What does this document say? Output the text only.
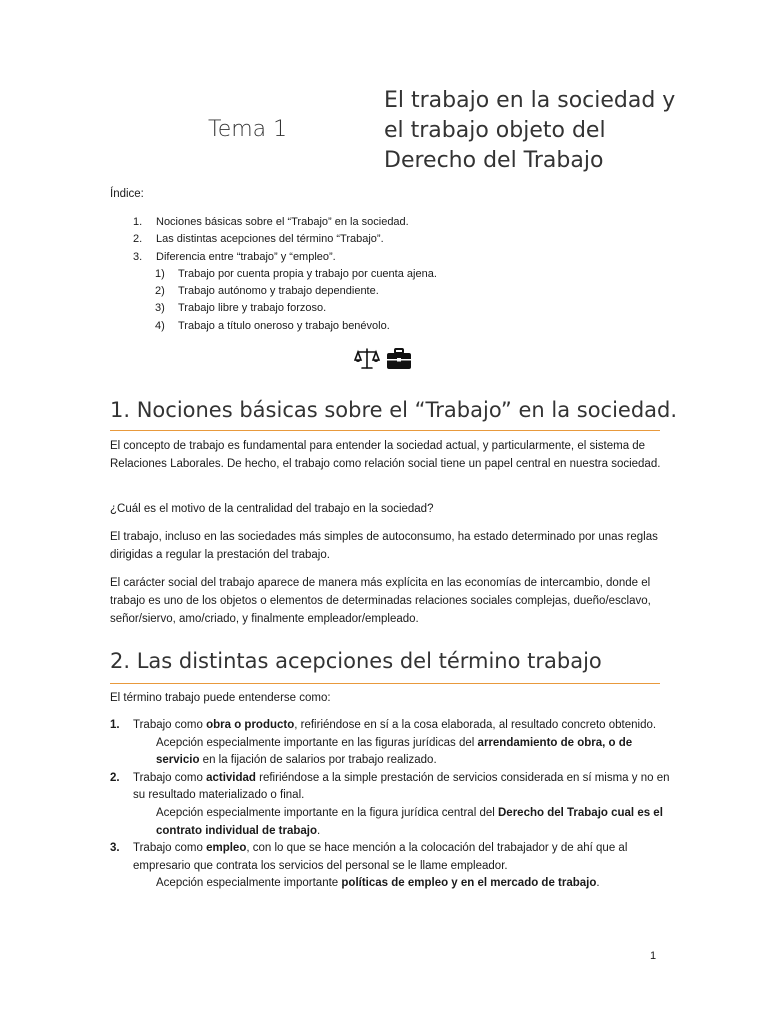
Tema 1
El trabajo en la sociedad y
el trabajo objeto del
Derecho del Trabajo
Índice:
1. Nociones básicas sobre el “Trabajo” en la sociedad.
2. Las distintas acepciones del término “Trabajo”.
3. Diferencia entre “trabajo” y “empleo”.
1) Trabajo por cuenta propia y trabajo por cuenta ajena.
2) Trabajo autónomo y trabajo dependiente.
3) Trabajo libre y trabajo forzoso.
4) Trabajo a título oneroso y trabajo benévolo.
1. Nociones básicas sobre el “Trabajo” en la sociedad.
El concepto de trabajo es fundamental para entender la sociedad actual, y particularmente, el sistema de Relaciones Laborales. De hecho, el trabajo como relación social tiene un papel central en nuestra sociedad.
¿Cuál es el motivo de la centralidad del trabajo en la sociedad?
El trabajo, incluso en las sociedades más simples de autoconsumo, ha estado determinado por unas reglas dirigidas a regular la prestación del trabajo.
El carácter social del trabajo aparece de manera más explícita en las economías de intercambio, donde el trabajo es uno de los objetos o elementos de determinadas relaciones sociales complejas, dueño/esclavo, señor/siervo, amo/criado, y finalmente empleador/empleado.
2. Las distintas acepciones del término trabajo
El término trabajo puede entenderse como:
1. Trabajo como obra o producto, refiriéndose en sí a la cosa elaborada, al resultado concreto obtenido.
Acepción especialmente importante en las figuras jurídicas del arrendamiento de obra, o de servicio en la fijación de salarios por trabajo realizado.
2. Trabajo como actividad refiriéndose a la simple prestación de servicios considerada en sí misma y no en su resultado materializado o final.
Acepción especialmente importante en la figura jurídica central del Derecho del Trabajo cual es el contrato individual de trabajo.
3. Trabajo como empleo, con lo que se hace mención a la colocación del trabajador y de ahí que al empresario que contrata los servicios del personal se le llame empleador.
Acepción especialmente importante políticas de empleo y en el mercado de trabajo.
1
